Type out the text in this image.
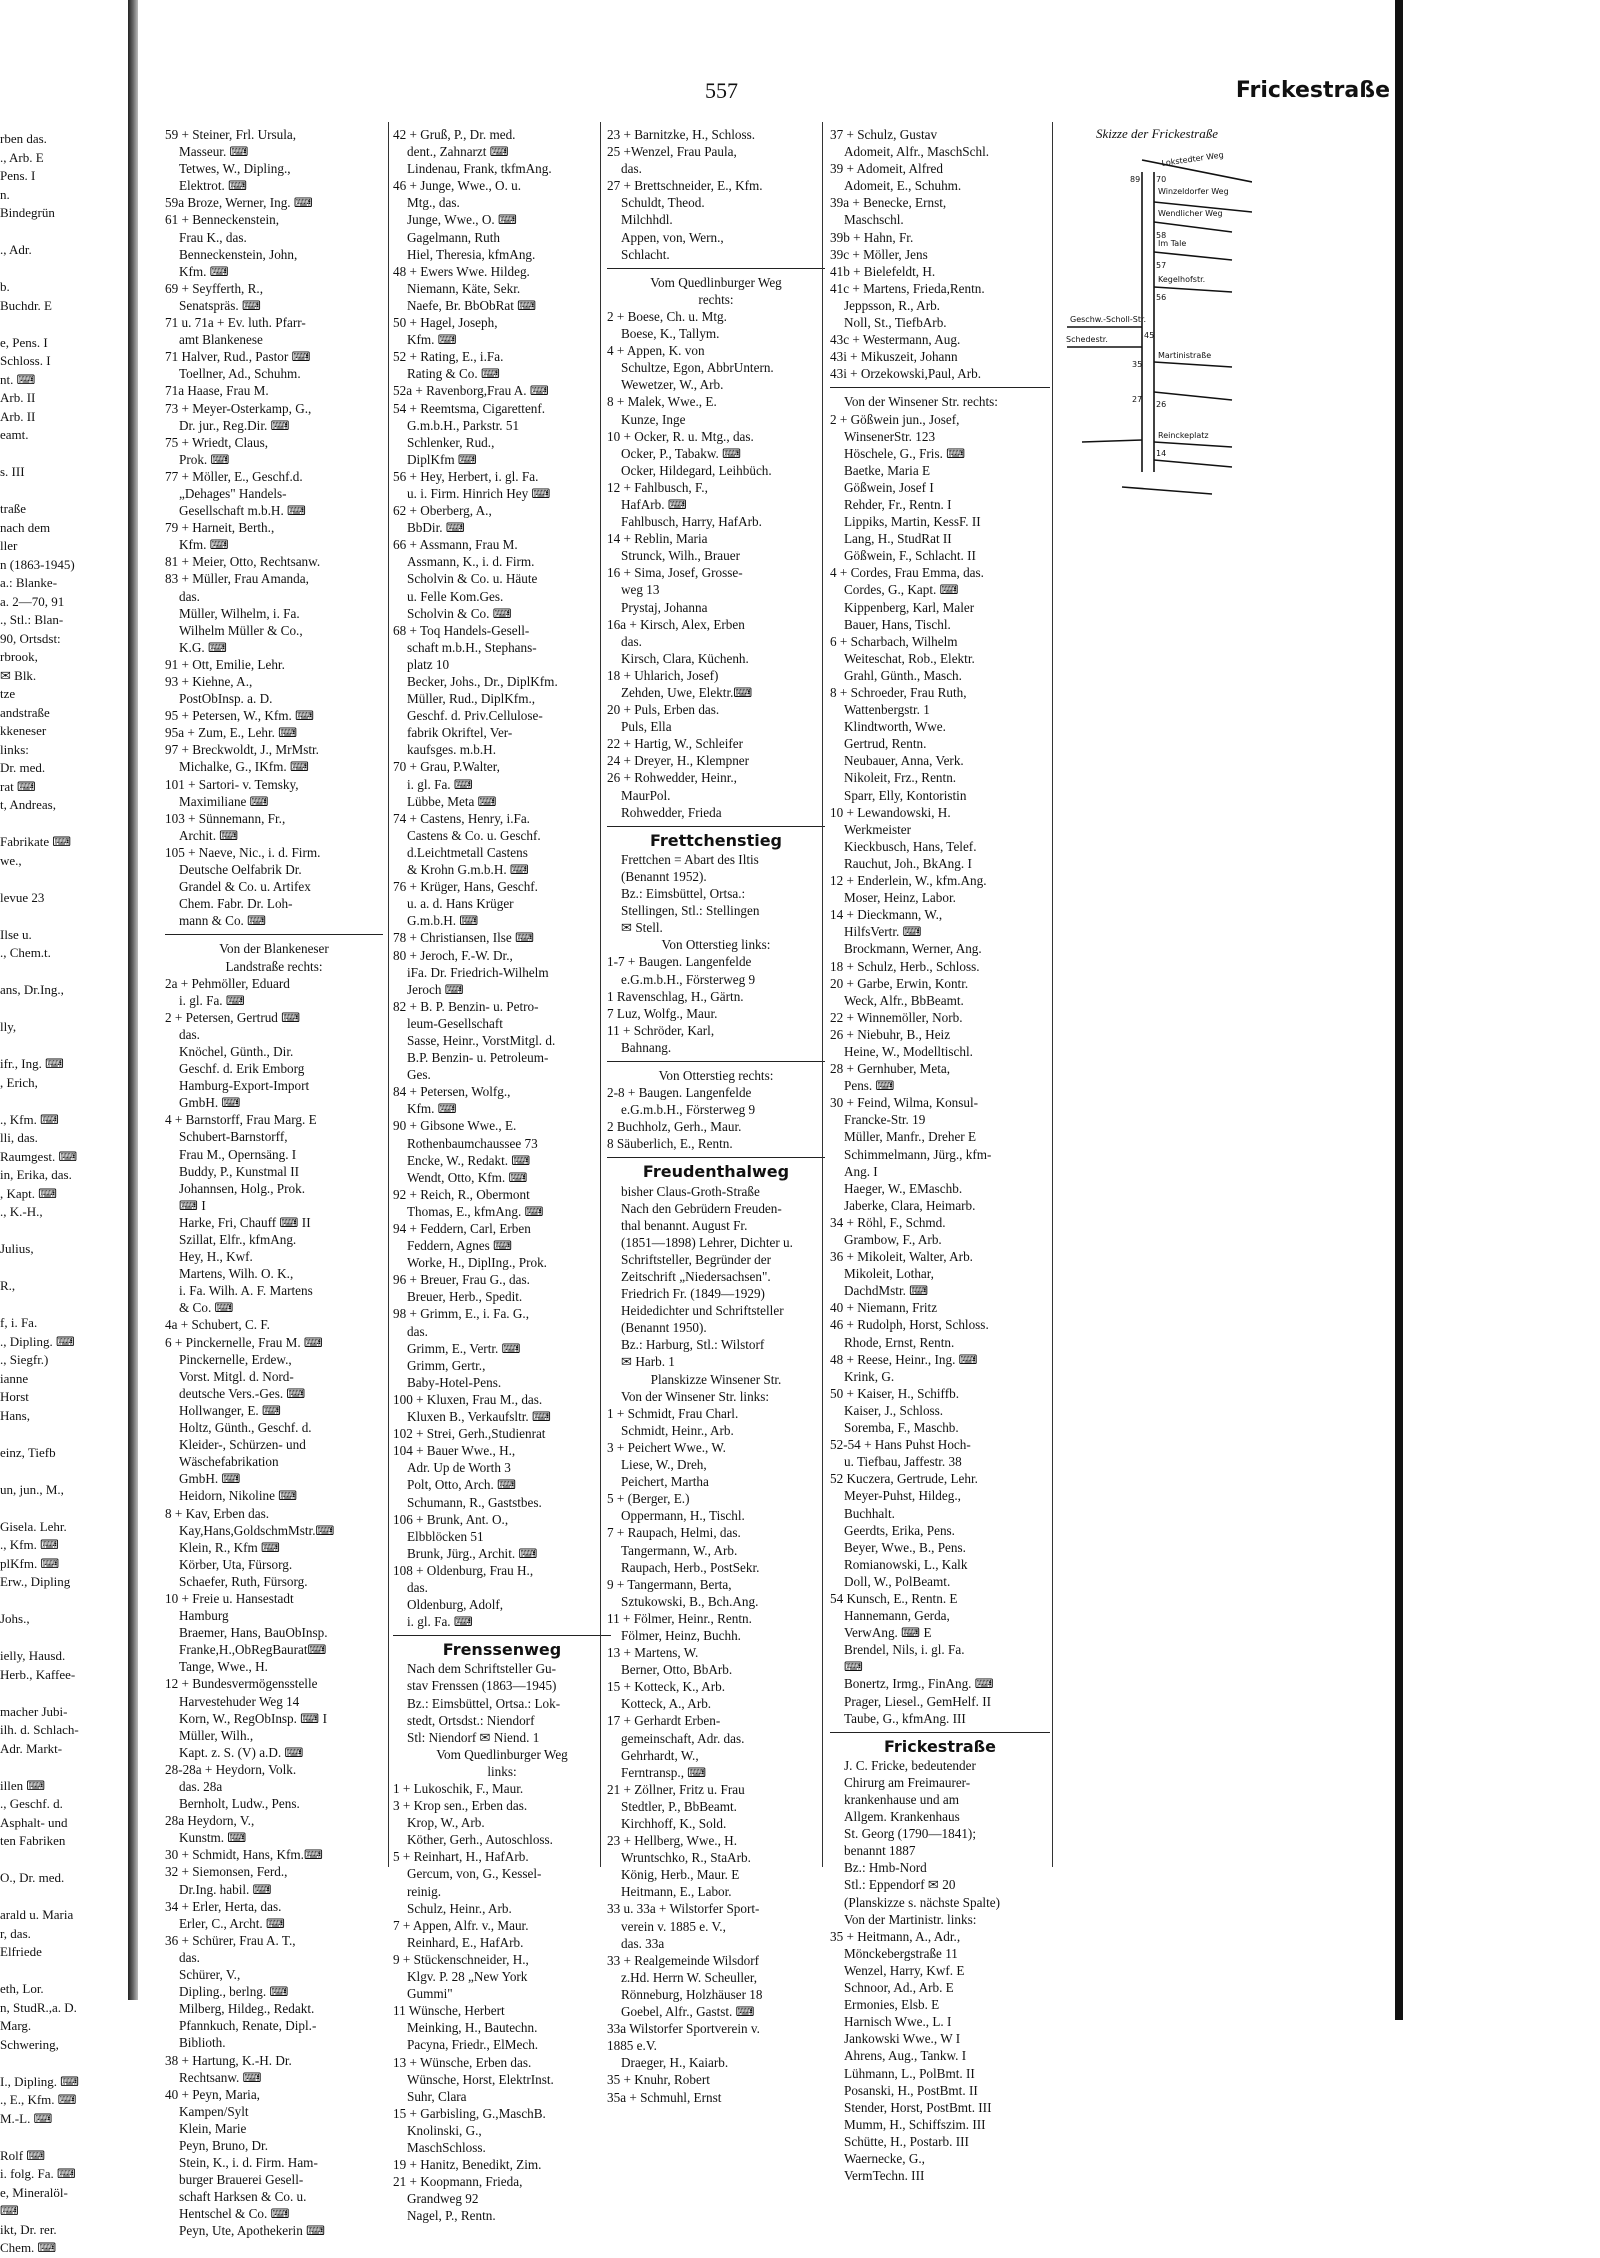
rben das.
., Arb. E
Pens. I
n.
Bindegrün

., Adr.

b.
Buchdr. E

e, Pens. I
Schloss. I
nt. ⌨
Arb. II
Arb. II
eamt.

s. III

traße
nach dem
ller
n (1863-1945)
a.: Blanke-
a. 2—70, 91
., Stl.: Blan-
90, Ortsdst:
rbrook,
✉ Blk.
tze
andstraße
kkeneser
links:
Dr. med.
rat ⌨
t, Andreas,

Fabrikate ⌨
we.,

levue 23

Ilse u.
., Chem.t.

ans, Dr.Ing.,

lly,

ifr., Ing. ⌨
, Erich,

., Kfm. ⌨
lli, das.
Raumgest. ⌨
in, Erika, das.
, Kapt. ⌨
., K.-H.,

Julius,

R.,

f, i. Fa.
., Dipling. ⌨
., Siegfr.)
ianne
Horst
Hans,

einz, Tiefb

un, jun., M.,

Gisela. Lehr.
., Kfm. ⌨
plKfm. ⌨
Erw., Dipling

Johs.,

ielly, Hausd.
Herb., Kaffee-

macher Jubi-
ilh. d. Schlach-
Adr. Markt-

illen ⌨
., Geschf. d.
Asphalt- und
ten Fabriken

O., Dr. med.

arald u. Maria
r, das.
Elfriede

eth, Lor.
n, StudR.,a. D.
Marg.
Schwering,

I., Dipling. ⌨
., E., Kfm. ⌨
M.-L. ⌨

Rolf ⌨
i. folg. Fa. ⌨
e, Mineralöl-
⌨
ikt, Dr. rer.
Chem. ⌨
557	Frickestraße
59 + Steiner, Frl. Ursula,
Masseur. ⌨
Tetwes, W., Dipling.,
Elektrot. ⌨
59a Broze, Werner, Ing. ⌨
61 + Benneckenstein,
Frau K., das.
Benneckenstein, John,
Kfm. ⌨
69 + Seyfferth, R.,
Senatspräs. ⌨
71 u. 71a + Ev. luth. Pfarr-
amt Blankenese
71 Halver, Rud., Pastor ⌨
Toellner, Ad., Schuhm.
71a Haase, Frau M.
73 + Meyer-Osterkamp, G.,
Dr. jur., Reg.Dir. ⌨
75 + Wriedt, Claus,
Prok. ⌨
77 + Möller, E., Geschf.d.
„Dehages" Handels-
Gesellschaft m.b.H. ⌨
79 + Harneit, Berth.,
Kfm. ⌨
81 + Meier, Otto, Rechtsanw.
83 + Müller, Frau Amanda,
das.
Müller, Wilhelm, i. Fa.
Wilhelm Müller & Co.,
K.G. ⌨
91 + Ott, Emilie, Lehr.
93 + Kiehne, A.,
PostObInsp. a. D.
95 + Petersen, W., Kfm. ⌨
95a + Zum, E., Lehr. ⌨
97 + Breckwoldt, J., MrMstr.
Michalke, G., IKfm. ⌨
101 + Sartori- v. Temsky,
Maximiliane ⌨
103 + Sünnemann, Fr.,
Archit. ⌨
105 + Naeve, Nic., i. d. Firm.
Deutsche Oelfabrik Dr.
Grandel & Co. u. Artifex
Chem. Fabr. Dr. Loh-
mann & Co. ⌨
Von der Blankeneser
Landstraße rechts:
2a + Pehmöller, Eduard
i. gl. Fa. ⌨
2 + Petersen, Gertrud ⌨
das.
Knöchel, Günth., Dir.
Geschf. d. Erik Emborg
Hamburg-Export-Import
GmbH. ⌨
4 + Barnstorff, Frau Marg. E
Schubert-Barnstorff,
Frau M., Opernsäng. I
Buddy, P., Kunstmal II
Johannsen, Holg., Prok.
⌨ I
Harke, Fri, Chauff ⌨ II
Szillat, Elfr., kfmAng.
Hey, H., Kwf.
Martens, Wilh. O. K.,
i. Fa. Wilh. A. F. Martens
& Co. ⌨
4a + Schubert, C. F.
6 + Pinckernelle, Frau M. ⌨
Pinckernelle, Erdew.,
Vorst. Mitgl. d. Nord-
deutsche Vers.-Ges. ⌨
Hollwanger, E. ⌨
Holtz, Günth., Geschf. d.
Kleider-, Schürzen- und
Wäschefabrikation
GmbH. ⌨
Heidorn, Nikoline ⌨
8 + Kav, Erben das.
Kay,Hans,GoldschmMstr.⌨
Klein, R., Kfm ⌨
Körber, Uta, Fürsorg.
Schaefer, Ruth, Fürsorg.
10 + Freie u. Hansestadt
Hamburg
Braemer, Hans, BauObInsp.
Franke,H.,ObRegBaurat⌨
Tange, Wwe., H.
12 + Bundesvermögensstelle
Harvestehuder Weg 14
Korn, W., RegObInsp. ⌨ I
Müller, Wilh.,
Kapt. z. S. (V) a.D. ⌨
28-28a + Heydorn, Volk.
das. 28a
Bernholt, Ludw., Pens.
28a Heydorn, V.,
Kunstm. ⌨
30 + Schmidt, Hans, Kfm.⌨
32 + Siemonsen, Ferd.,
Dr.Ing. habil. ⌨
34 + Erler, Herta, das.
Erler, C., Archt. ⌨
36 + Schürer, Frau A. T.,
das.
Schürer, V.,
Dipling., berlng. ⌨
Milberg, Hildeg., Redakt.
Pfannkuch, Renate, Dipl.-
Biblioth.
38 + Hartung, K.-H. Dr.
Rechtsanw. ⌨
40 + Peyn, Maria,
Kampen/Sylt
Klein, Marie
Peyn, Bruno, Dr.
Stein, K., i. d. Firm. Ham-
burger Brauerei Gesell-
schaft Harksen & Co. u.
Hentschel & Co. ⌨
Peyn, Ute, Apothekerin ⌨
42 + Gruß, P., Dr. med.
dent., Zahnarzt ⌨
Lindenau, Frank, tkfmAng.
46 + Junge, Wwe., O. u.
Mtg., das.
Junge, Wwe., O. ⌨
Gagelmann, Ruth
Hiel, Theresia, kfmAng.
48 + Ewers Wwe. Hildeg.
Niemann, Käte, Sekr.
Naefe, Br. BbObRat ⌨
50 + Hagel, Joseph,
Kfm. ⌨
52 + Rating, E., i.Fa.
Rating & Co. ⌨
52a + Ravenborg,Frau A. ⌨
54 + Reemtsma, Cigarettenf.
G.m.b.H., Parkstr. 51
Schlenker, Rud.,
DiplKfm ⌨
56 + Hey, Herbert, i. gl. Fa.
u. i. Firm. Hinrich Hey ⌨
62 + Oberberg, A.,
BbDir. ⌨
66 + Assmann, Frau M.
Assmann, K., i. d. Firm.
Scholvin & Co. u. Häute
u. Felle Kom.Ges.
Scholvin & Co. ⌨
68 + Toq Handels-Gesell-
schaft m.b.H., Stephans-
platz 10
Becker, Johs., Dr., DiplKfm.
Müller, Rud., DiplKfm.,
Geschf. d. Priv.Cellulose-
fabrik Okriftel, Ver-
kaufsges. m.b.H.
70 + Grau, P.Walter,
i. gl. Fa. ⌨
Lübbe, Meta ⌨
74 + Castens, Henry, i.Fa.
Castens & Co. u. Geschf.
d.Leichtmetall Castens
& Krohn G.m.b.H. ⌨
76 + Krüger, Hans, Geschf.
u. a. d. Hans Krüger
G.m.b.H. ⌨
78 + Christiansen, Ilse ⌨
80 + Jeroch, F.-W. Dr.,
iFa. Dr. Friedrich-Wilhelm
Jeroch ⌨
82 + B. P. Benzin- u. Petro-
leum-Gesellschaft
Sasse, Heinr., VorstMitgl. d.
B.P. Benzin- u. Petroleum-
Ges.
84 + Petersen, Wolfg.,
Kfm. ⌨
90 + Gibsone Wwe., E.
Rothenbaumchaussee 73
Encke, W., Redakt. ⌨
Wendt, Otto, Kfm. ⌨
92 + Reich, R., Obermont
Thomas, E., kfmAng. ⌨
94 + Feddern, Carl, Erben
Feddern, Agnes ⌨
Worke, H., DiplIng., Prok.
96 + Breuer, Frau G., das.
Breuer, Herb., Spedit.
98 + Grimm, E., i. Fa. G.,
das.
Grimm, E., Vertr. ⌨
Grimm, Gertr.,
Baby-Hotel-Pens.
100 + Kluxen, Frau M., das.
Kluxen B., Verkaufsltr. ⌨
102 + Strei, Gerh.,Studienrat
104 + Bauer Wwe., H.,
Adr. Up de Worth 3
Polt, Otto, Arch. ⌨
Schumann, R., Gaststbes.
106 + Brunk, Ant. O.,
Elbblöcken 51
Brunk, Jürg., Archit. ⌨
108 + Oldenburg, Frau H.,
das.
Oldenburg, Adolf,
i. gl. Fa. ⌨
Frenssenweg
Nach dem Schriftsteller Gu-
stav Frenssen (1863—1945)
Bz.: Eimsbüttel, Ortsa.: Lok-
stedt, Ortsdst.: Niendorf
Stl: Niendorf ✉ Niend. 1
Vom Quedlinburger Weg
links:
1 + Lukoschik, F., Maur.
3 + Krop sen., Erben das.
Krop, W., Arb.
Köther, Gerh., Autoschloss.
5 + Reinhart, H., HafArb.
Gercum, von, G., Kessel-
reinig.
Schulz, Heinr., Arb.
7 + Appen, Alfr. v., Maur.
Reinhard, E., HafArb.
9 + Stückenschneider, H.,
Klgv. P. 28 „New York
Gummi"
11 Wünsche, Herbert
Meinking, H., Bautechn.
Pacyna, Friedr., ElMech.
13 + Wünsche, Erben das.
Wünsche, Horst, ElektrInst.
Suhr, Clara
15 + Garbisling, G.,MaschB.
Knolinski, G.,
MaschSchloss.
19 + Hanitz, Benedikt, Zim.
21 + Koopmann, Frieda,
Grandweg 92
Nagel, P., Rentn.
23 + Barnitzke, H., Schloss.
25 +Wenzel, Frau Paula,
das.
27 + Brettschneider, E., Kfm.
Schuldt, Theod.
Milchhdl.
Appen, von, Wern.,
Schlacht.
Vom Quedlinburger Weg
rechts:
2 + Boese, Ch. u. Mtg.
Boese, K., Tallym.
4 + Appen, K. von
Schultze, Egon, AbbrUntern.
Wewetzer, W., Arb.
8 + Malek, Wwe., E.
Kunze, Inge
10 + Ocker, R. u. Mtg., das.
Ocker, P., Tabakw. ⌨
Ocker, Hildegard, Leihbüch.
12 + Fahlbusch, F.,
HafArb. ⌨
Fahlbusch, Harry, HafArb.
14 + Reblin, Maria
Strunck, Wilh., Brauer
16 + Sima, Josef, Grosse-
weg 13
Prystaj, Johanna
16a + Kirsch, Alex, Erben
das.
Kirsch, Clara, Küchenh.
18 + Uhlarich, Josef)
Zehden, Uwe, Elektr.⌨
20 + Puls, Erben das.
Puls, Ella
22 + Hartig, W., Schleifer
24 + Dreyer, H., Klempner
26 + Rohwedder, Heinr.,
MaurPol.
Rohwedder, Frieda
Frettchenstieg
Frettchen = Abart des Iltis
(Benannt 1952).
Bz.: Eimsbüttel, Ortsa.:
Stellingen, Stl.: Stellingen
✉ Stell.
Von Otterstieg links:
1-7 + Baugen. Langenfelde
e.G.m.b.H., Försterweg 9
1 Ravenschlag, H., Gärtn.
7 Luz, Wolfg., Maur.
11 + Schröder, Karl,
Bahnang.
Von Otterstieg rechts:
2-8 + Baugen. Langenfelde
e.G.m.b.H., Försterweg 9
2 Buchholz, Gerh., Maur.
8 Säuberlich, E., Rentn.
Freudenthalweg
bisher Claus-Groth-Straße
Nach den Gebrüdern Freuden-
thal benannt. August Fr.
(1851—1898) Lehrer, Dichter u.
Schriftsteller, Begründer der
Zeitschrift „Niedersachsen".
Friedrich Fr. (1849—1929)
Heidedichter und Schriftsteller
(Benannt 1950).
Bz.: Harburg, Stl.: Wilstorf
✉ Harb. 1
Planskizze Winsener Str.
Von der Winsener Str. links:
1 + Schmidt, Frau Charl.
Schmidt, Heinr., Arb.
3 + Peichert Wwe., W.
Liese, W., Dreh,
Peichert, Martha
5 + (Berger, E.)
Oppermann, H., Tischl.
7 + Raupach, Helmi, das.
Tangermann, W., Arb.
Raupach, Herb., PostSekr.
9 + Tangermann, Berta,
Sztukowski, B., Bch.Ang.
11 + Fölmer, Heinr., Rentn.
Fölmer, Heinz, Buchh.
13 + Martens, W.
Berner, Otto, BbArb.
15 + Kotteck, K., Arb.
Kotteck, A., Arb.
17 + Gerhardt Erben-
gemeinschaft, Adr. das.
Gehrhardt, W.,
Ferntransp., ⌨
21 + Zöllner, Fritz u. Frau
Stedtler, P., BbBeamt.
Kirchhoff, K., Sold.
23 + Hellberg, Wwe., H.
Wruntschko, R., StaArb.
König, Herb., Maur. E
Heitmann, E., Labor.
33 u. 33a + Wilstorfer Sport-
verein v. 1885 e. V.,
das. 33a
33 + Realgemeinde Wilsdorf
z.Hd. Herrn W. Scheuller,
Rönneburg, Holzhäuser 18
Goebel, Alfr., Gastst. ⌨
33a Wilstorfer Sportverein v.
1885 e.V.
Draeger, H., Kaiarb.
35 + Knuhr, Robert
35a + Schmuhl, Ernst
37 + Schulz, Gustav
Adomeit, Alfr., MaschSchl.
39 + Adomeit, Alfred
Adomeit, E., Schuhm.
39a + Benecke, Ernst,
Maschschl.
39b + Hahn, Fr.
39c + Möller, Jens
41b + Bielefeldt, H.
41c + Martens, Frieda,Rentn.
Jeppsson, R., Arb.
Noll, St., TiefbArb.
43c + Westermann, Aug.
43i + Mikuszeit, Johann
43i + Orzekowski,Paul, Arb.
Von der Winsener Str. rechts:
2 + Gößwein jun., Josef,
WinsenerStr. 123
Höschele, G., Fris. ⌨
Baetke, Maria E
Gößwein, Josef I
Rehder, Fr., Rentn. I
Lippiks, Martin, KessF. II
Lang, H., StudRat II
Gößwein, F., Schlacht. II
4 + Cordes, Frau Emma, das.
Cordes, G., Kapt. ⌨
Kippenberg, Karl, Maler
Bauer, Hans, Tischl.
6 + Scharbach, Wilhelm
Weiteschat, Rob., Elektr.
Grahl, Günth., Masch.
8 + Schroeder, Frau Ruth,
Wattenbergstr. 1
Klindtworth, Wwe.
Gertrud, Rentn.
Neubauer, Anna, Verk.
Nikoleit, Frz., Rentn.
Sparr, Elly, Kontoristin
10 + Lewandowski, H.
Werkmeister
Kieckbusch, Hans, Telef.
Rauchut, Joh., BkAng. I
12 + Enderlein, W., kfm.Ang.
Moser, Heinz, Labor.
14 + Dieckmann, W.,
HilfsVertr. ⌨
Brockmann, Werner, Ang.
18 + Schulz, Herb., Schloss.
20 + Garbe, Erwin, Kontr.
Weck, Alfr., BbBeamt.
22 + Winnemöller, Norb.
26 + Niebuhr, B., Heiz
Heine, W., Modelltischl.
28 + Gernhuber, Meta,
Pens. ⌨
30 + Feind, Wilma, Konsul-
Francke-Str. 19
Müller, Manfr., Dreher E
Schimmelmann, Jürg., kfm-
Ang. I
Haeger, W., EMaschb.
Jaberke, Clara, Heimarb.
34 + Röhl, F., Schmd.
Grambow, F., Arb.
36 + Mikoleit, Walter, Arb.
Mikoleit, Lothar,
DachdMstr. ⌨
40 + Niemann, Fritz
46 + Rudolph, Horst, Schloss.
Rhode, Ernst, Rentn.
48 + Reese, Heinr., Ing. ⌨
Krink, G.
50 + Kaiser, H., Schiffb.
Kaiser, J., Schloss.
Soremba, F., Maschb.
52-54 + Hans Puhst Hoch-
u. Tiefbau, Jaffestr. 38
52 Kuczera, Gertrude, Lehr.
Meyer-Puhst, Hildeg.,
Buchhalt.
Geerdts, Erika, Pens.
Beyer, Wwe., B., Pens.
Romianowski, L., Kalk
Doll, W., PolBeamt.
54 Kunsch, E., Rentn. E
Hannemann, Gerda,
VerwAng. ⌨ E
Brendel, Nils, i. gl. Fa.
⌨
Bonertz, Irmg., FinAng. ⌨
Prager, Liesel., GemHelf. II
Taube, G., kfmAng. III
Frickestraße
J. C. Fricke, bedeutender
Chirurg am Freimaurer-
krankenhause und am
Allgem. Krankenhaus
St. Georg (1790—1841);
benannt 1887
Bz.: Hmb-Nord
Stl.: Eppendorf ✉ 20
(Planskizze s. nächste Spalte)
Von der Martinistr. links:
35 + Heitmann, A., Adr.,
Mönckebergstraße 11
Wenzel, Harry, Kwf. E
Schnoor, Ad., Arb. E
Ermonies, Elsb. E
Harnisch Wwe., L. I
Jankowski Wwe., W I
Ahrens, Aug., Tankw. I
Lühmann, L., PolBmt. II
Posanski, H., PostBmt. II
Stender, Horst, PostBmt. III
Mumm, H., Schiffszim. III
Schütte, H., Postarb. III
Waernecke, G.,
VermTechn. III
Skizze der Frickestraße
Lokstedter Weg
Winzeldorfer Weg
Wendlicher Weg
Im Tale
Kegelhofstr.
Geschw.-Scholl-Str.
Schedestr.
Martinistraße
Reinckeplatz
89 70
58
57
56
45
35
27
26
14
